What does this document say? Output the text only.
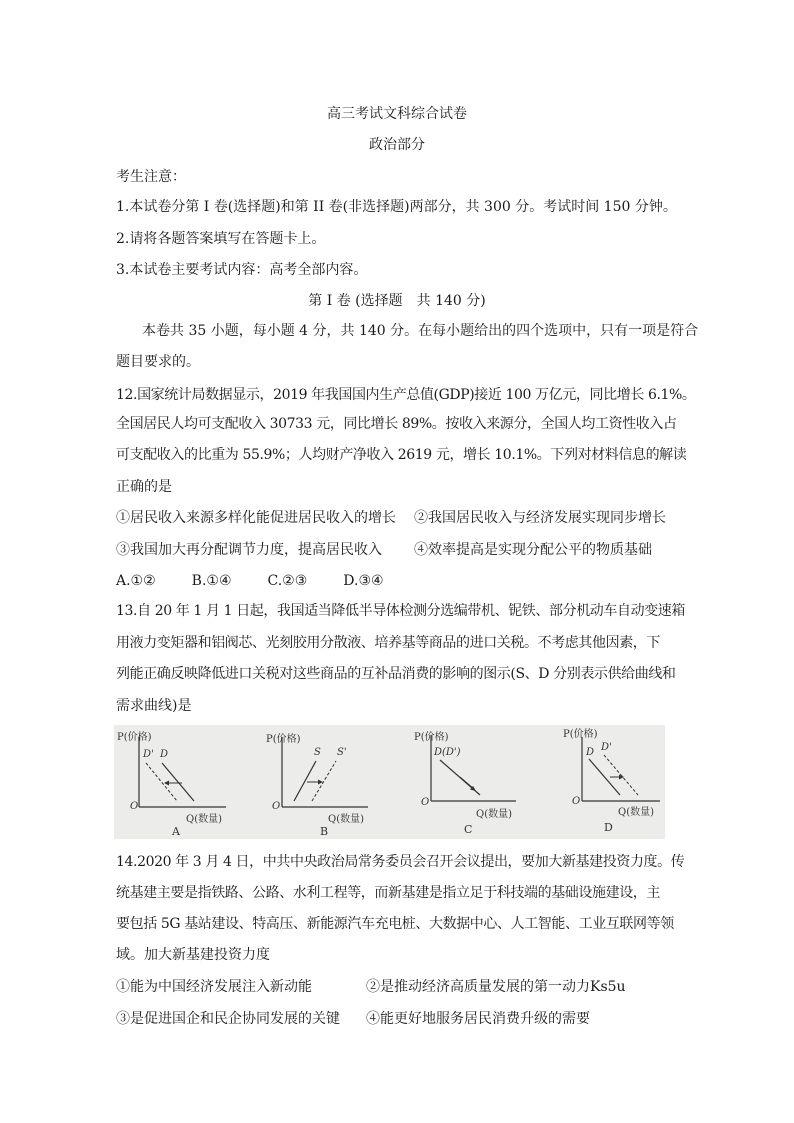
高三考试文科综合试卷
政治部分
考生注意：
1.本试卷分第 I 卷(选择题)和第 II 卷(非选择题)两部分，共 300 分。考试时间 150 分钟。
2.请将各题答案填写在答题卡上。
3.本试卷主要考试内容：高考全部内容。
第 I 卷 (选择题　共 140 分)
本卷共 35 小题，每小题 4 分，共 140 分。在每小题给出的四个选项中，只有一项是符合
题目要求的。
12.国家统计局数据显示，2019 年我国国内生产总值(GDP)接近 100 万亿元，同比增长 6.1%。
全国居民人均可支配收入 30733 元，同比增长 89%。按收入来源分，全国人均工资性收入占
可支配收入的比重为 55.9%；人均财产净收入 2619 元，增长 10.1%。下列对材料信息的解读
正确的是
①居民收入来源多样化能促进居民收入的增长 ②我国居民收入与经济发展实现同步增长
③我国加大再分配调节力度，提高居民收入 ④效率提高是实现分配公平的物质基础
A.①②	B.①④	C.②③	D.③④
13.自 20 年 1 月 1 日起，我国适当降低半导体检测分选编带机、铌铁、部分机动车自动变速箱
用液力变矩器和铝阀芯、光刻胶用分散液、培养基等商品的进口关税。不考虑其他因素，下
列能正确反映降低进口关税对这些商品的互补品消费的影响的图示(S、D 分别表示供给曲线和
需求曲线)是
P(价格)
O
Q(数量)
D' D
A
P(价格)
O
Q(数量)
S S'
B
P(价格)
O
Q(数量)
D(D')
C
P(价格)
O
Q(数量)
D D'
D
14.2020 年 3 月 4 日，中共中央政治局常务委员会召开会议提出，要加大新基建投资力度。传
统基建主要是指铁路、公路、水利工程等，而新基建是指立足于科技端的基础设施建设，主
要包括 5G 基站建设、特高压、新能源汽车充电桩、大数据中心、人工智能、工业互联网等领
域。加大新基建投资力度
①能为中国经济发展注入新动能	②是推动经济高质量发展的第一动力Ks5u
③是促进国企和民企协同发展的关键 ④能更好地服务居民消费升级的需要
